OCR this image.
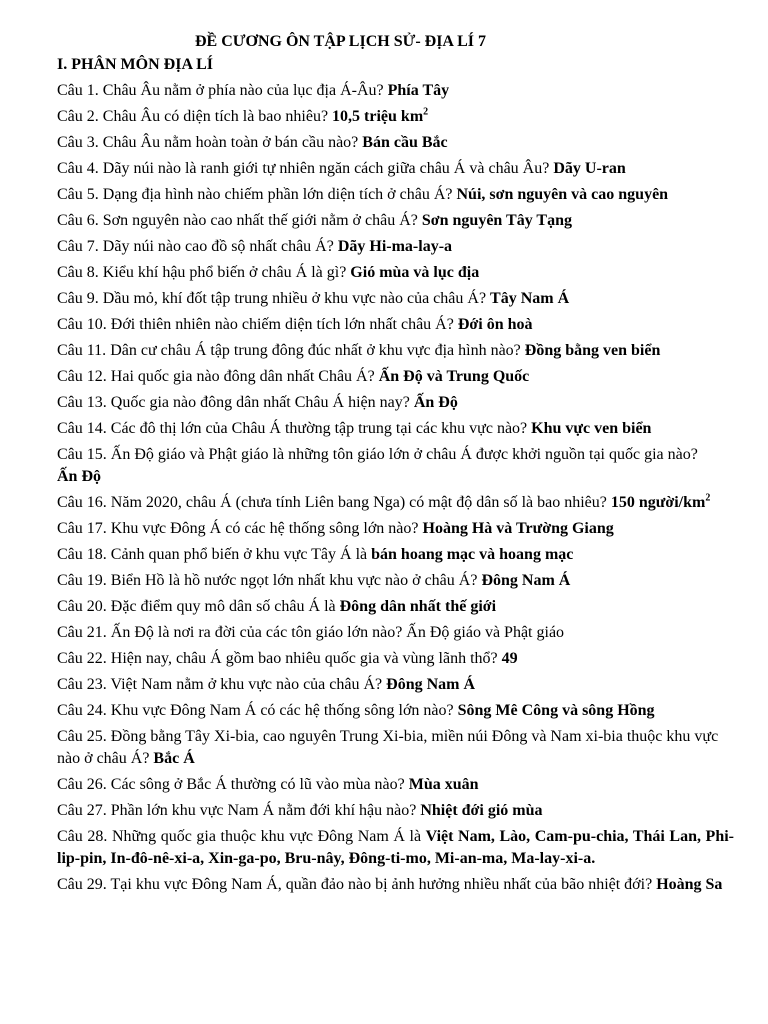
ĐỀ CƯƠNG ÔN TẬP LỊCH SỬ- ĐỊA LÍ 7
I. PHÂN MÔN ĐỊA LÍ
Câu 1. Châu Âu nằm ở phía nào của lục địa Á-Âu? Phía Tây
Câu 2. Châu Âu có diện tích là bao nhiêu? 10,5 triệu $km^2$
Câu 3. Châu Âu nằm hoàn toàn ở bán cầu nào? Bán cầu Bắc
Câu 4. Dãy núi nào là ranh giới tự nhiên ngăn cách giữa châu Á và châu Âu? Dãy U-ran
Câu 5. Dạng địa hình nào chiếm phần lớn diện tích ở châu Á? Núi, sơn nguyên và cao nguyên
Câu 6. Sơn nguyên nào cao nhất thế giới nằm ở châu Á? Sơn nguyên Tây Tạng
Câu 7. Dãy núi nào cao đồ sộ nhất châu Á? Dãy Hi-ma-lay-a
Câu 8. Kiểu khí hậu phổ biến ở châu Á là gì? Gió mùa và lục địa
Câu 9. Dầu mỏ, khí đốt tập trung nhiều ở khu vực nào của châu Á? Tây Nam Á
Câu 10. Đới thiên nhiên nào chiếm diện tích lớn nhất châu Á? Đới ôn hoà
Câu 11. Dân cư châu Á tập trung đông đúc nhất ở khu vực địa hình nào? Đồng bằng ven biển
Câu 12. Hai quốc gia nào đông dân nhất Châu Á? Ấn Độ và Trung Quốc
Câu 13. Quốc gia nào đông dân nhất Châu Á hiện nay? Ấn Độ
Câu 14. Các đô thị lớn của Châu Á thường tập trung tại các khu vực nào? Khu vực ven biển
Câu 15. Ấn Độ giáo và Phật giáo là những tôn giáo lớn ở châu Á được khởi nguồn tại quốc gia nào?
Ấn Độ
Câu 16. Năm 2020, châu Á (chưa tính Liên bang Nga) có mật độ dân số là bao nhiêu? 150 người/$km^2$
Câu 17. Khu vực Đông Á có các hệ thống sông lớn nào? Hoàng Hà và Trường Giang
Câu 18. Cảnh quan phổ biến ở khu vực Tây Á là bán hoang mạc và hoang mạc
Câu 19. Biển Hồ là hồ nước ngọt lớn nhất khu vực nào ở châu Á? Đông Nam Á
Câu 20. Đặc điểm quy mô dân số châu Á là Đông dân nhất thế giới
Câu 21. Ấn Độ là nơi ra đời của các tôn giáo lớn nào? Ấn Độ giáo và Phật giáo
Câu 22. Hiện nay, châu Á gồm bao nhiêu quốc gia và vùng lãnh thổ? 49
Câu 23. Việt Nam nằm ở khu vực nào của châu Á? Đông Nam Á
Câu 24. Khu vực Đông Nam Á có các hệ thống sông lớn nào? Sông Mê Công và sông Hồng
Câu 25. Đồng bằng Tây Xi-bia, cao nguyên Trung Xi-bia, miền núi Đông và Nam xi-bia thuộc khu vực nào ở châu Á? Bắc Á
Câu 26. Các sông ở Bắc Á thường có lũ vào mùa nào? Mùa xuân
Câu 27. Phần lớn khu vực Nam Á nằm đới khí hậu nào? Nhiệt đới gió mùa
Câu 28. Những quốc gia thuộc khu vực Đông Nam Á là Việt Nam, Lào, Cam-pu-chia, Thái Lan, Phi-lip-pin, In-đô-nê-xi-a, Xin-ga-po, Bru-nây, Đông-ti-mo, Mi-an-ma, Ma-lay-xi-a.
Câu 29. Tại khu vực Đông Nam Á, quần đảo nào bị ảnh hưởng nhiều nhất của bão nhiệt đới? Hoàng Sa
